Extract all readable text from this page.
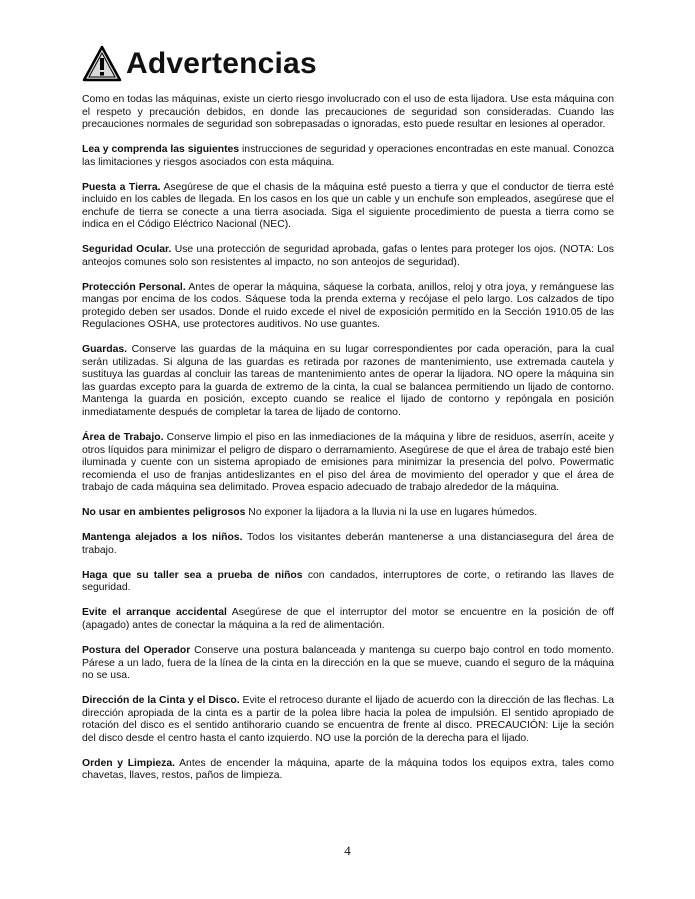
Advertencias

Como en todas las máquinas, existe un cierto riesgo involucrado con el uso de esta lijadora. Use esta máquina con el respeto y precaución debidos, en donde las precauciones de seguridad son consideradas. Cuando las precauciones normales de seguridad son sobrepasadas o ignoradas, esto puede resultar en lesiones al operador.

Lea y comprenda las siguientes instrucciones de seguridad y operaciones encontradas en este manual. Conozca las limitaciones y riesgos asociados con esta máquina.

Puesta a Tierra. Asegúrese de que el chasis de la máquina esté puesto a tierra y que el conductor de tierra esté incluido en los cables de llegada. En los casos en los que un cable y un enchufe son empleados, asegúrese que el enchufe de tierra se conecte a una tierra asociada. Siga el siguiente procedimiento de puesta a tierra como se indica en el Código Eléctrico Nacional (NEC).

Seguridad Ocular. Use una protección de seguridad aprobada, gafas o lentes para proteger los ojos. (NOTA: Los anteojos comunes solo son resistentes al impacto, no son anteojos de seguridad).

Protección Personal. Antes de operar la máquina, sáquese la corbata, anillos, reloj y otra joya, y remánguese las mangas por encima de los codos. Sáquese toda la prenda externa y recójase el pelo largo. Los calzados de tipo protegido deben ser usados. Donde el ruido excede el nivel de exposición permitido en la Sección 1910.05 de las Regulaciones OSHA, use protectores auditivos. No use guantes.

Guardas. Conserve las guardas de la máquina en su lugar correspondientes por cada operación, para la cual serán utilizadas. Si alguna de las guardas es retirada por razones de mantenimiento, use extremada cautela y sustituya las guardas al concluir las tareas de mantenimiento antes de operar la lijadora. NO opere la máquina sin las guardas excepto para la guarda de extremo de la cinta, la cual se balancea permitiendo un lijado de contorno. Mantenga la guarda en posición, excepto cuando se realice el lijado de contorno y repóngala en posición inmediatamente después de completar la tarea de lijado de contorno.

Área de Trabajo. Conserve limpio el piso en las inmediaciones de la máquina y libre de residuos, aserrín, aceite y otros líquidos para minimizar el peligro de disparo o derramamiento. Asegúrese de que el área de trabajo esté bien iluminada y cuente con un sistema apropiado de emisiones para minimizar la presencia del polvo. Powermatic recomienda el uso de franjas antideslizantes en el piso del área de movimiento del operador y que el área de trabajo de cada máquina sea delimitado. Provea espacio adecuado de trabajo alrededor de la máquina.

No usar en ambientes peligrosos No exponer la lijadora a la lluvia ni la use en lugares húmedos.

Mantenga alejados a los niños. Todos los visitantes deberán mantenerse a una distanciasegura del área de trabajo.

Haga que su taller sea a prueba de niños con candados, interruptores de corte, o retirando las llaves de seguridad.

Evite el arranque accidental Asegúrese de que el interruptor del motor se encuentre en la posición de off (apagado) antes de conectar la máquina a la red de alimentación.

Postura del Operador Conserve una postura balanceada y mantenga su cuerpo bajo control en todo momento. Párese a un lado, fuera de la línea de la cinta en la dirección en la que se mueve, cuando el seguro de la máquina no se usa.

Dirección de la Cinta y el Disco. Evite el retroceso durante el lijado de acuerdo con la dirección de las flechas. La dirección apropiada de la cinta es a partir de la polea libre hacia la polea de impulsión. El sentido apropiado de rotación del disco es el sentido antihorario cuando se encuentra de frente al disco. PRECAUCIÓN: Lije la seción del disco desde el centro hasta el canto izquierdo. NO use la porción de la derecha para el lijado.

Orden y Limpieza. Antes de encender la máquina, aparte de la máquina todos los equipos extra, tales como chavetas, llaves, restos, paños de limpieza.

4
